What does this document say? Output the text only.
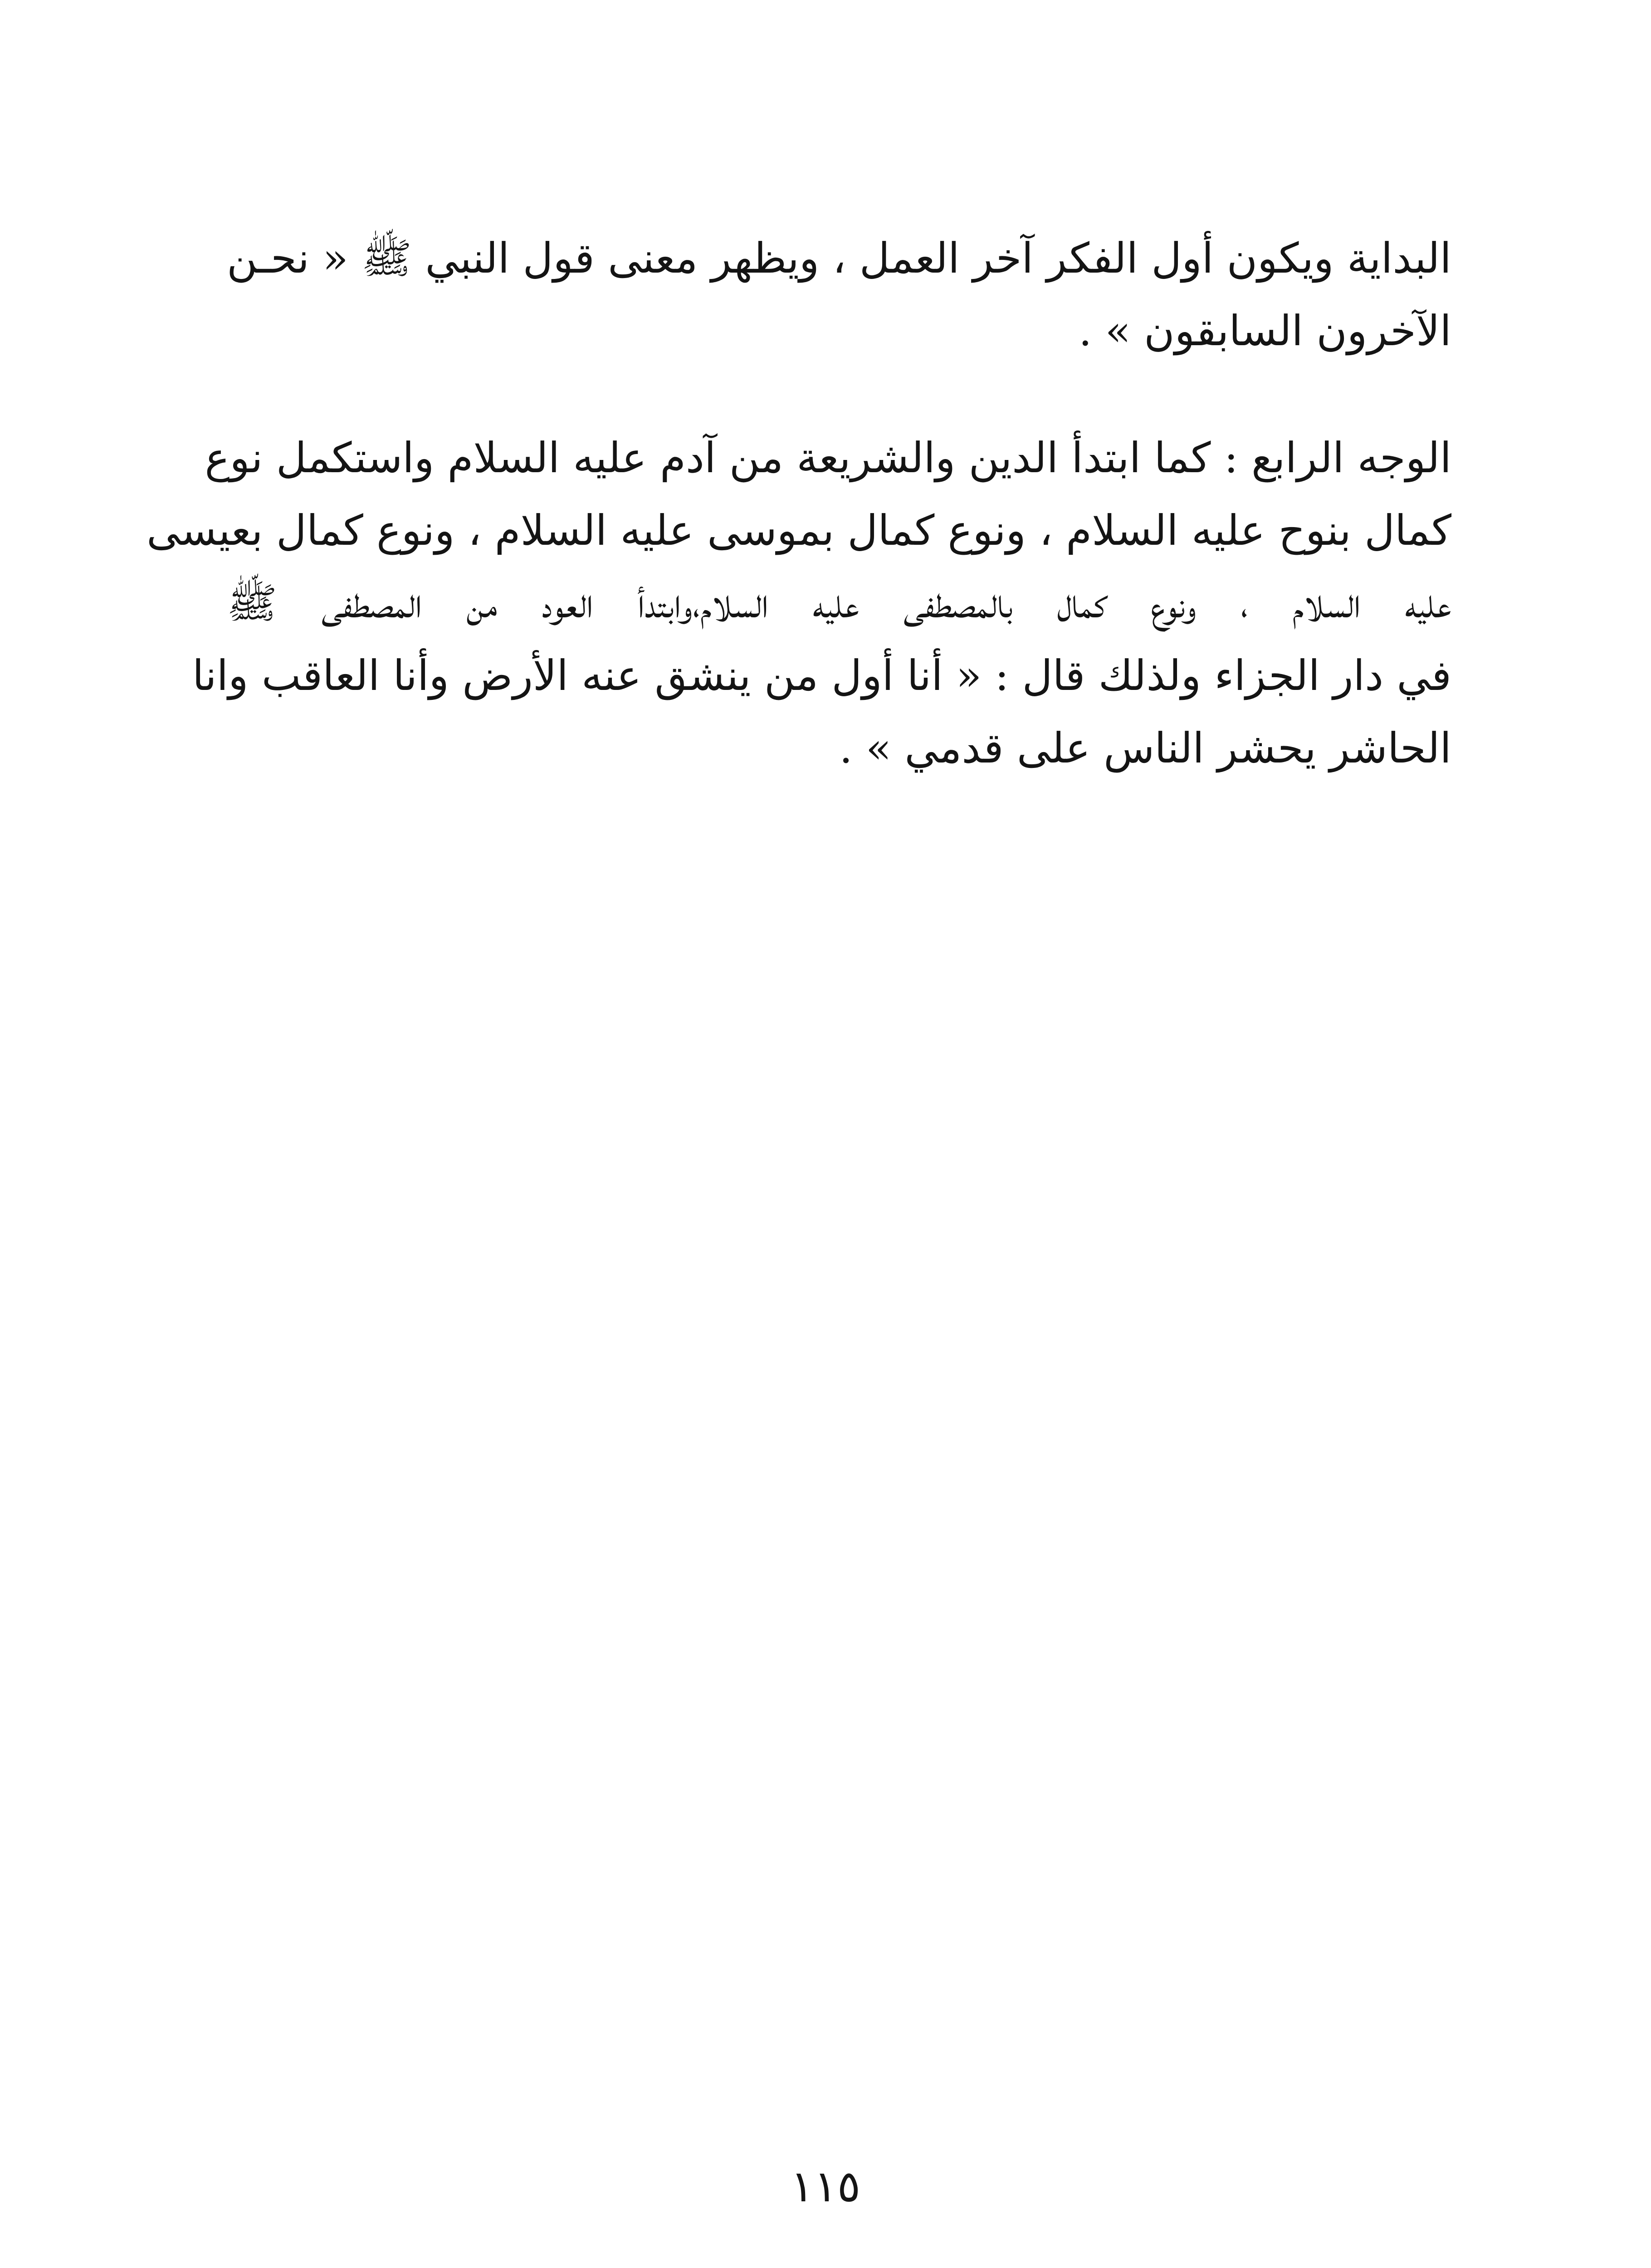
البداية ويكون أول الفكر آخر العمل ، ويظهر معنى قول النبي ﷺ « نحـن
الآخرون السابقون » .
الوجه الرابع : كما ابتدأ الدين والشريعة من آدم عليه السلام واستكمل نوع
كمال بنوح عليه السلام ، ونوع كمال بموسى عليه السلام ، ونوع كمال بعيسى
عليه السلام ، ونوع كمال بالمصطفى عليه السلام،وابتدأ العود من المصطفى ﷺ
في دار الجزاء ولذلك قال : « أنا أول من ينشق عنه الأرض وأنا العاقب وانا
الحاشر يحشر الناس على قدمي » .
١١٥
